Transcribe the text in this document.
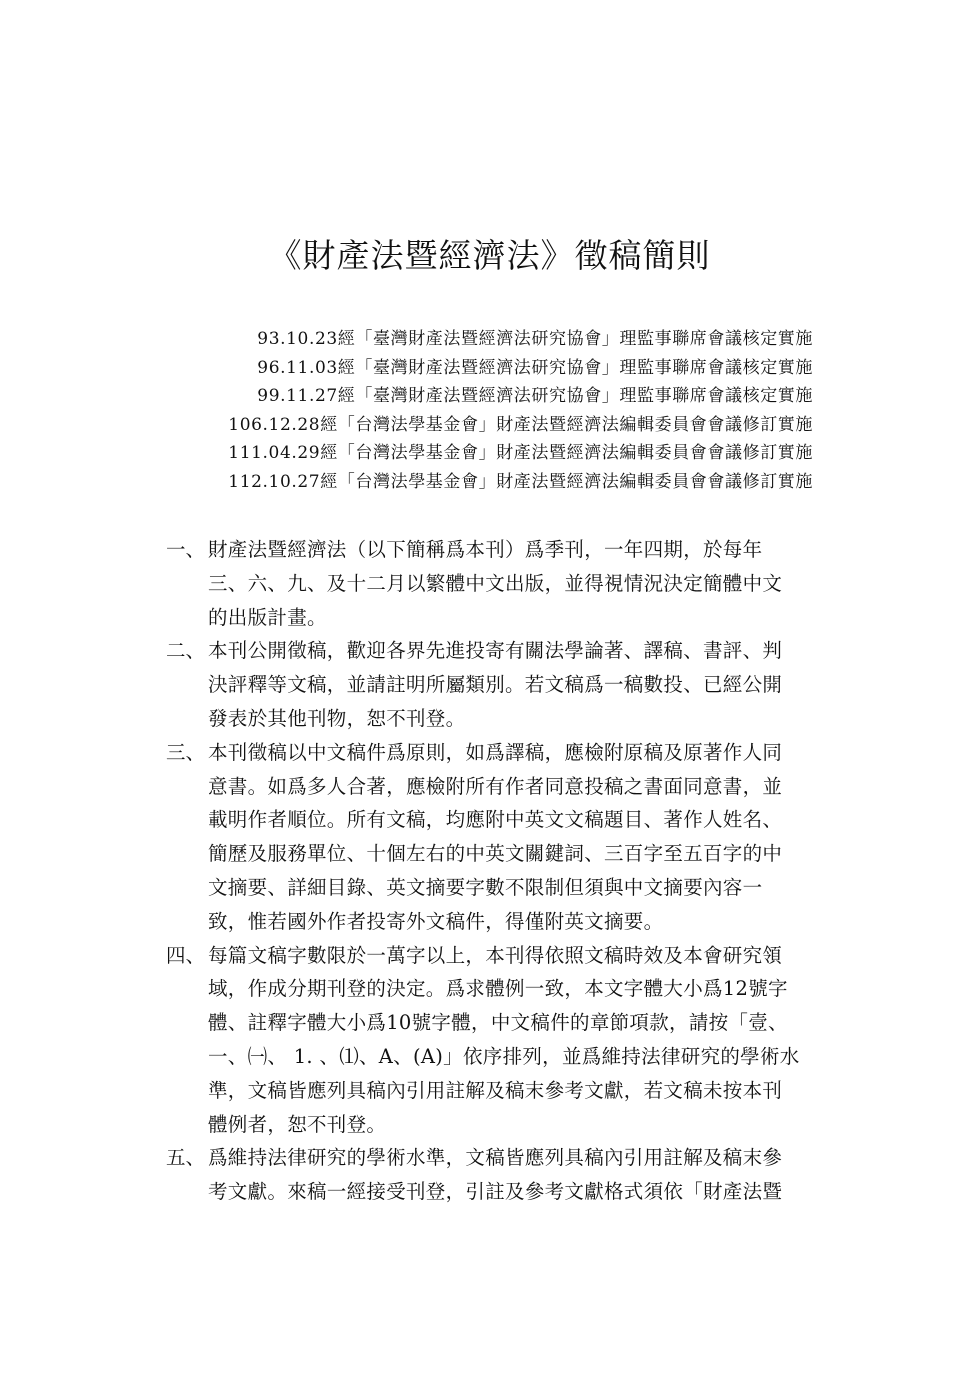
《財產法暨經濟法》徵稿簡則
93.10.23經「臺灣財產法暨經濟法研究協會」理監事聯席會議核定實施
96.11.03經「臺灣財產法暨經濟法研究協會」理監事聯席會議核定實施
99.11.27經「臺灣財產法暨經濟法研究協會」理監事聯席會議核定實施
106.12.28經「台灣法學基金會」財產法暨經濟法編輯委員會會議修訂實施
111.04.29經「台灣法學基金會」財產法暨經濟法編輯委員會會議修訂實施
112.10.27經「台灣法學基金會」財產法暨經濟法編輯委員會會議修訂實施
一、 財產法暨經濟法（以下簡稱爲本刊）爲季刊，一年四期，於每年
三、六、九、及十二月以繁體中文出版，並得視情況決定簡體中文
的出版計畫。
二、 本刊公開徵稿，歡迎各界先進投寄有關法學論著、譯稿、書評、判
決評釋等文稿，並請註明所屬類別。若文稿爲一稿數投、已經公開
發表於其他刊物，恕不刊登。
三、 本刊徵稿以中文稿件爲原則，如爲譯稿，應檢附原稿及原著作人同
意書。如爲多人合著，應檢附所有作者同意投稿之書面同意書，並
載明作者順位。所有文稿，均應附中英文文稿題目、著作人姓名、
簡歷及服務單位、十個左右的中英文關鍵詞、三百字至五百字的中
文摘要、詳細目錄、英文摘要字數不限制但須與中文摘要內容一
致，惟若國外作者投寄外文稿件，得僅附英文摘要。
四、 每篇文稿字數限於一萬字以上，本刊得依照文稿時效及本會研究領
域，作成分期刊登的決定。爲求體例一致，本文字體大小爲12號字
體、註釋字體大小爲10號字體，中文稿件的章節項款，請按「壹、
一、㈠、 1. 、⑴、A、(A)」依序排列，並爲維持法律研究的學術水
準，文稿皆應列具稿內引用註解及稿末參考文獻，若文稿未按本刊
體例者，恕不刊登。
五、 爲維持法律研究的學術水準，文稿皆應列具稿內引用註解及稿末參
考文獻。來稿一經接受刊登，引註及參考文獻格式須依「財產法暨
